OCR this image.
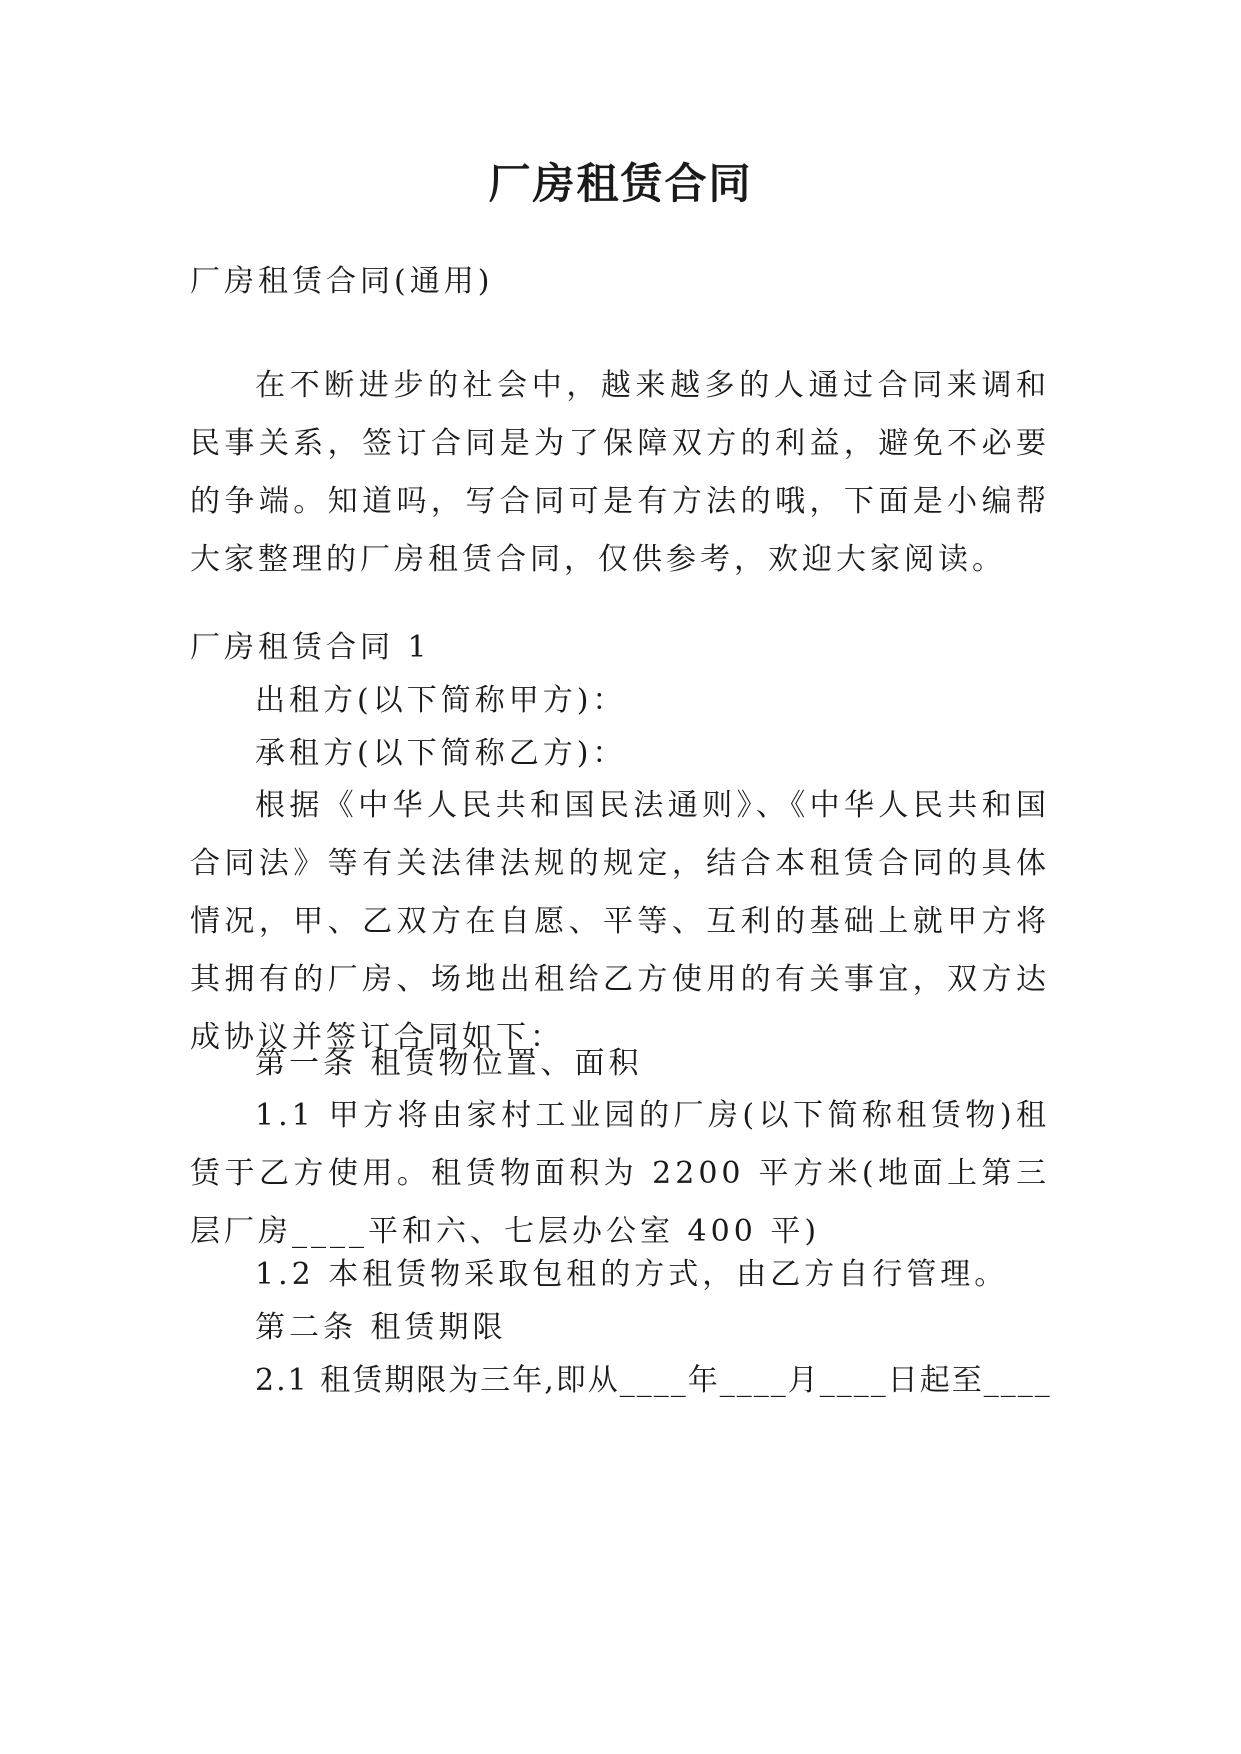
厂房租赁合同
厂房租赁合同(通用)
在不断进步的社会中，越来越多的人通过合同来调和民事关系，签订合同是为了保障双方的利益，避免不必要的争端。知道吗，写合同可是有方法的哦，下面是小编帮大家整理的厂房租赁合同，仅供参考，欢迎大家阅读。
厂房租赁合同 1
出租方(以下简称甲方)：
承租方(以下简称乙方)：
根据《中华人民共和国民法通则》、《中华人民共和国合同法》等有关法律法规的规定，结合本租赁合同的具体情况，甲、乙双方在自愿、平等、互利的基础上就甲方将其拥有的厂房、场地出租给乙方使用的有关事宜，双方达成协议并签订合同如下：
第一条 租赁物位置、面积
1.1 甲方将由家村工业园的厂房(以下简称租赁物)租赁于乙方使用。租赁物面积为 2200 平方米(地面上第三层厂房____平和六、七层办公室 400 平)
1.2 本租赁物采取包租的方式，由乙方自行管理。
第二条 租赁期限
2.1 租赁期限为三年,即从____年____月____日起至____
